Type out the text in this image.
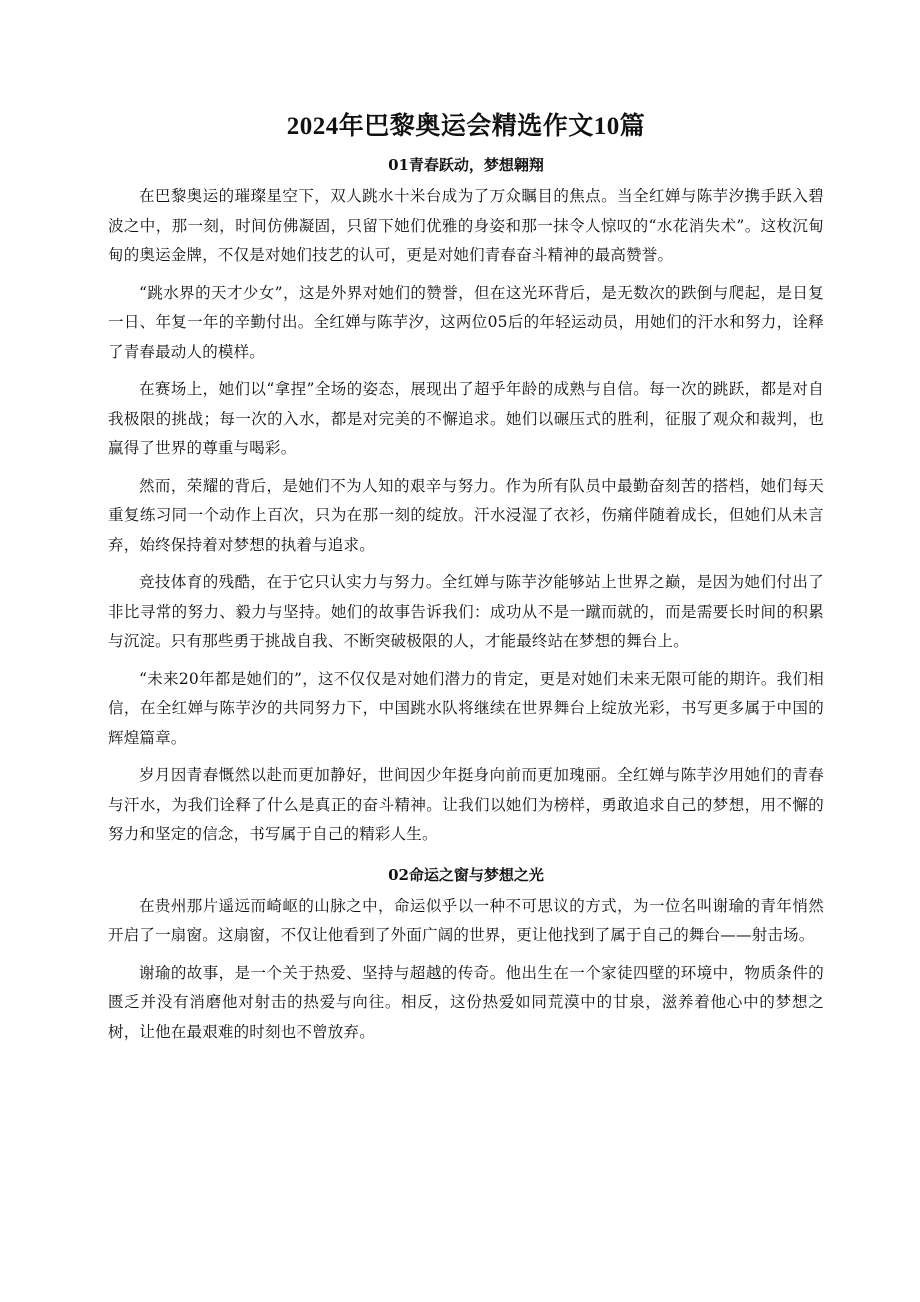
2024年巴黎奥运会精选作文10篇
01青春跃动，梦想翱翔

在巴黎奥运的璀璨星空下，双人跳水十米台成为了万众瞩目的焦点。当全红婵与陈芋汐携手跃入碧波之中，那一刻，时间仿佛凝固，只留下她们优雅的身姿和那一抹令人惊叹的“水花消失术”。这枚沉甸甸的奥运金牌，不仅是对她们技艺的认可，更是对她们青春奋斗精神的最高赞誉。

“跳水界的天才少女”，这是外界对她们的赞誉，但在这光环背后，是无数次的跌倒与爬起，是日复一日、年复一年的辛勤付出。全红婵与陈芋汐，这两位05后的年轻运动员，用她们的汗水和努力，诠释了青春最动人的模样。

在赛场上，她们以“拿捏”全场的姿态，展现出了超乎年龄的成熟与自信。每一次的跳跃，都是对自我极限的挑战；每一次的入水，都是对完美的不懈追求。她们以碾压式的胜利，征服了观众和裁判，也赢得了世界的尊重与喝彩。

然而，荣耀的背后，是她们不为人知的艰辛与努力。作为所有队员中最勤奋刻苦的搭档，她们每天重复练习同一个动作上百次，只为在那一刻的绽放。汗水浸湿了衣衫，伤痛伴随着成长，但她们从未言弃，始终保持着对梦想的执着与追求。

竞技体育的残酷，在于它只认实力与努力。全红婵与陈芋汐能够站上世界之巅，是因为她们付出了非比寻常的努力、毅力与坚持。她们的故事告诉我们：成功从不是一蹴而就的，而是需要长时间的积累与沉淀。只有那些勇于挑战自我、不断突破极限的人，才能最终站在梦想的舞台上。

“未来20年都是她们的”，这不仅仅是对她们潜力的肯定，更是对她们未来无限可能的期许。我们相信，在全红婵与陈芋汐的共同努力下，中国跳水队将继续在世界舞台上绽放光彩，书写更多属于中国的辉煌篇章。

岁月因青春慨然以赴而更加静好，世间因少年挺身向前而更加瑰丽。全红婵与陈芋汐用她们的青春与汗水，为我们诠释了什么是真正的奋斗精神。让我们以她们为榜样，勇敢追求自己的梦想，用不懈的努力和坚定的信念，书写属于自己的精彩人生。

02命运之窗与梦想之光

在贵州那片遥远而崎岖的山脉之中，命运似乎以一种不可思议的方式，为一位名叫谢瑜的青年悄然开启了一扇窗。这扇窗，不仅让他看到了外面广阔的世界，更让他找到了属于自己的舞台——射击场。

谢瑜的故事，是一个关于热爱、坚持与超越的传奇。他出生在一个家徒四壁的环境中，物质条件的匮乏并没有消磨他对射击的热爱与向往。相反，这份热爱如同荒漠中的甘泉，滋养着他心中的梦想之树，让他在最艰难的时刻也不曾放弃。
